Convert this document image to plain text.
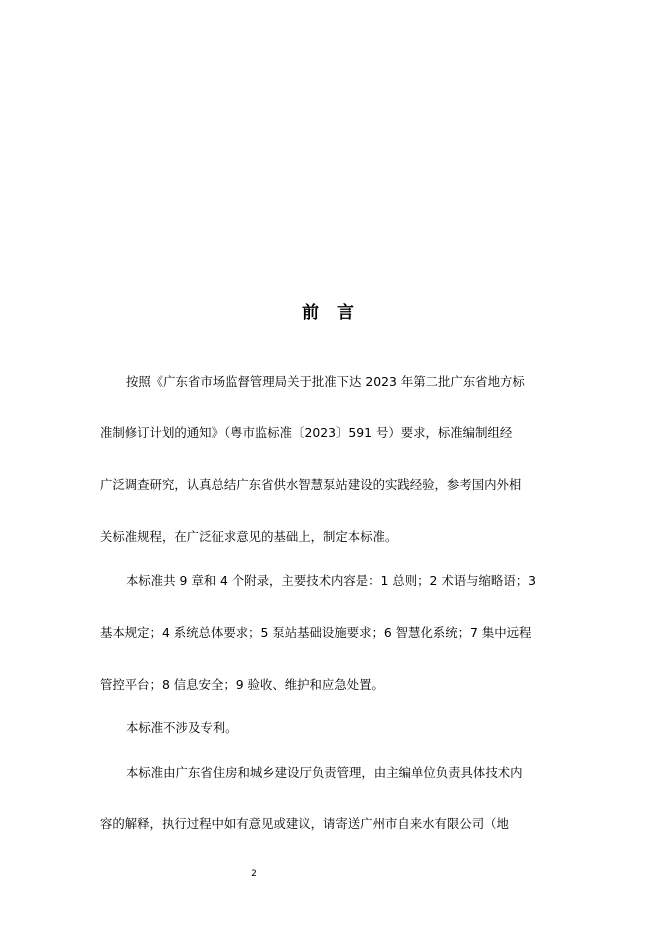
前 言
按照《广东省市场监督管理局关于批准下达 2023 年第二批广东省地方标
准制修订计划的通知》（粤市监标准〔2023〕591 号）要求，标准编制组经
广泛调查研究，认真总结广东省供水智慧泵站建设的实践经验，参考国内外相
关标准规程，在广泛征求意见的基础上，制定本标准。
本标准共 9 章和 4 个附录，主要技术内容是：1 总则；2 术语与缩略语；3
基本规定；4 系统总体要求；5 泵站基础设施要求；6 智慧化系统；7 集中远程
管控平台；8 信息安全；9 验收、维护和应急处置。
本标准不涉及专利。
本标准由广东省住房和城乡建设厅负责管理，由主编单位负责具体技术内
容的解释，执行过程中如有意见或建议，请寄送广州市自来水有限公司（地
2
